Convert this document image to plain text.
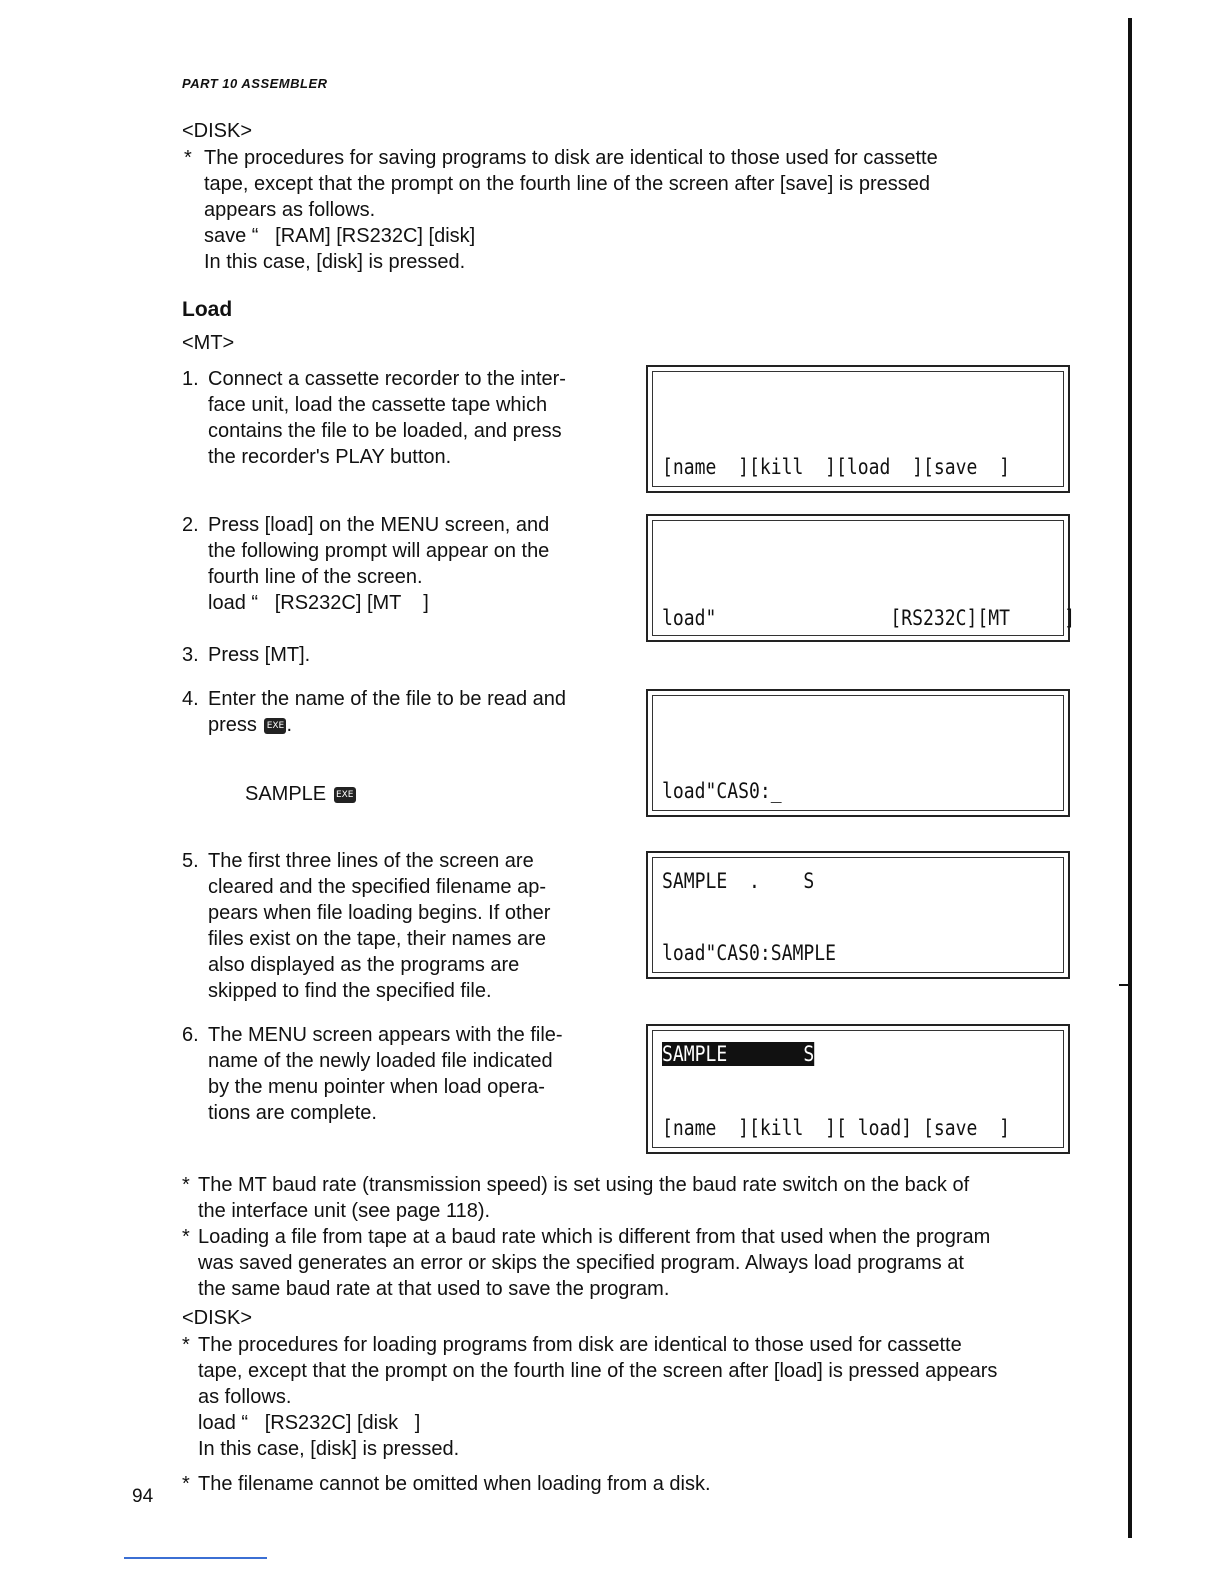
PART 10 ASSEMBLER
<DISK>
* The procedures for saving programs to disk are identical to those used for cassette

tape, except that the prompt on the fourth line of the screen after [save] is pressed

appears as follows.

save “   [RAM] [RS232C] [disk]

In this case, [disk] is pressed.

Load
<MT>
1. Connect a cassette recorder to the inter-

face unit, load the cassette tape which

contains the file to be loaded, and press

the recorder's PLAY button.

2. Press [load] on the MENU screen, and

the following prompt will appear on the

fourth line of the screen.

load “   [RS232C] [MT    ]

3. Press [MT].

4. Enter the name of the file to be read and

press EXE .

SAMPLE EXE
5. The first three lines of the screen are

cleared and the specified filename ap-

pears when file loading begins. If other

files exist on the tape, their names are

also displayed as the programs are

skipped to find the specified file.

6. The MENU screen appears with the file-

name of the newly loaded file indicated

by the menu pointer when load opera-

tions are complete.

[name  ][kill  ][load  ][save  ]
load"                [RS232C][MT     ]
load"CAS0:_
SAMPLE  .    S
load"CAS0:SAMPLE
SAMPLE       S
[name  ][kill  ][ load] [save  ]
* The MT baud rate (transmission speed) is set using the baud rate switch on the back of

the interface unit (see page 118).

* Loading a file from tape at a baud rate which is different from that used when the program

was saved generates an error or skips the specified program. Always load programs at

the same baud rate at that used to save the program.

<DISK>
* The procedures for loading programs from disk are identical to those used for cassette

tape, except that the prompt on the fourth line of the screen after [load] is pressed appears

as follows.

load “   [RS232C] [disk   ]

In this case, [disk] is pressed.

* The filename cannot be omitted when loading from a disk.

94
